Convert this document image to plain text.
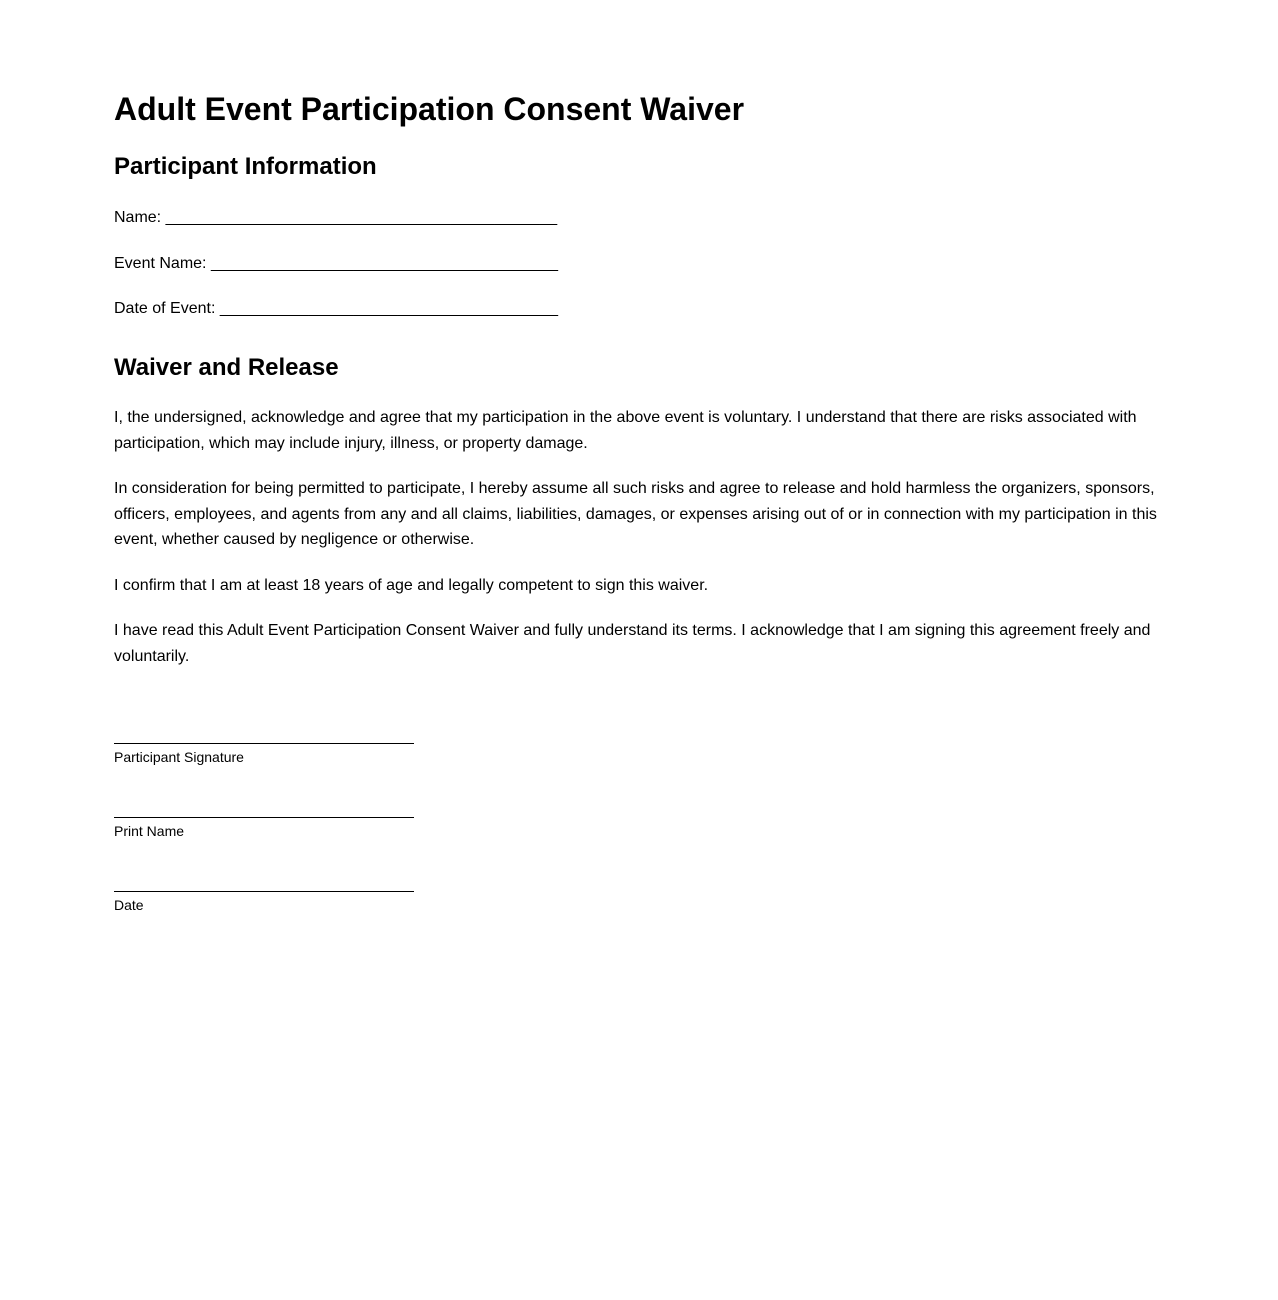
Adult Event Participation Consent Waiver
Participant Information
Name: ____________________________________________
Event Name: _______________________________________
Date of Event: ______________________________________
Waiver and Release

I, the undersigned, acknowledge and agree that my participation in the above event is voluntary. I understand that there are risks associated with participation, which may include injury, illness, or property damage.

In consideration for being permitted to participate, I hereby assume all such risks and agree to release and hold harmless the organizers, sponsors, officers, employees, and agents from any and all claims, liabilities, damages, or expenses arising out of or in connection with my participation in this event, whether caused by negligence or otherwise.

I confirm that I am at least 18 years of age and legally competent to sign this waiver.

I have read this Adult Event Participation Consent Waiver and fully understand its terms. I acknowledge that I am signing this agreement freely and voluntarily.

Participant Signature
Print Name
Date
